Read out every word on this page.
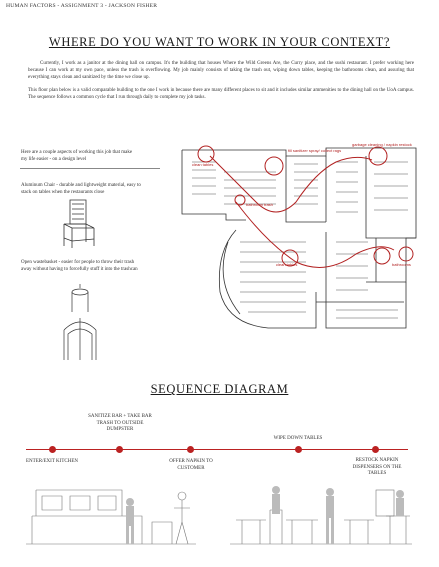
HUMAN FACTORS - ASSIGNMENT 3 - JACKSON FISHER
WHERE DO YOU WANT TO WORK IN YOUR CONTEXT?
Currently, I work as a janitor at the dining hall on campus. It's the building that houses Where the Wild Greens Are, the Curry place, and the sushi restaurant. I prefer working here because I can work at my own pace, unless the trash is overflowing. My job mainly consists of taking the trash out, wiping down tables, keeping the bathrooms clean, and assuring that everything stays clean and sanitized by the time we close up.
This floor plan below is a valid comparable building to the one I work in because there are many different places to sit and it includes similar ammenities to the dining hall on the UoA campus. The sequence follows a common cycle that I run through daily to complete my job tasks.
Here are a couple aspects of working this job that make my life easier - on a design level
Aluminum Chair - durable and lightweight material, easy to stack on tables when the restaurants close
Open wastebasket - easier for people to throw their trash away without having to forcefully stuff it into the trashcan
clean tables
bathroom trash
clean tables
fill sanitizer spray/ collect rags
garbage cleaning / napkin restock
bathrooms
SEQUENCE DIAGRAM
ENTER/EXIT KITCHEN
SANITIZE BAR + TAKE BAR TRASH TO OUTSIDE DUMPSTER
OFFER NAPKIN TO CUSTOMER
WIPE DOWN TABLES
RESTOCK NAPKIN DISPENSERS ON THE TABLES
